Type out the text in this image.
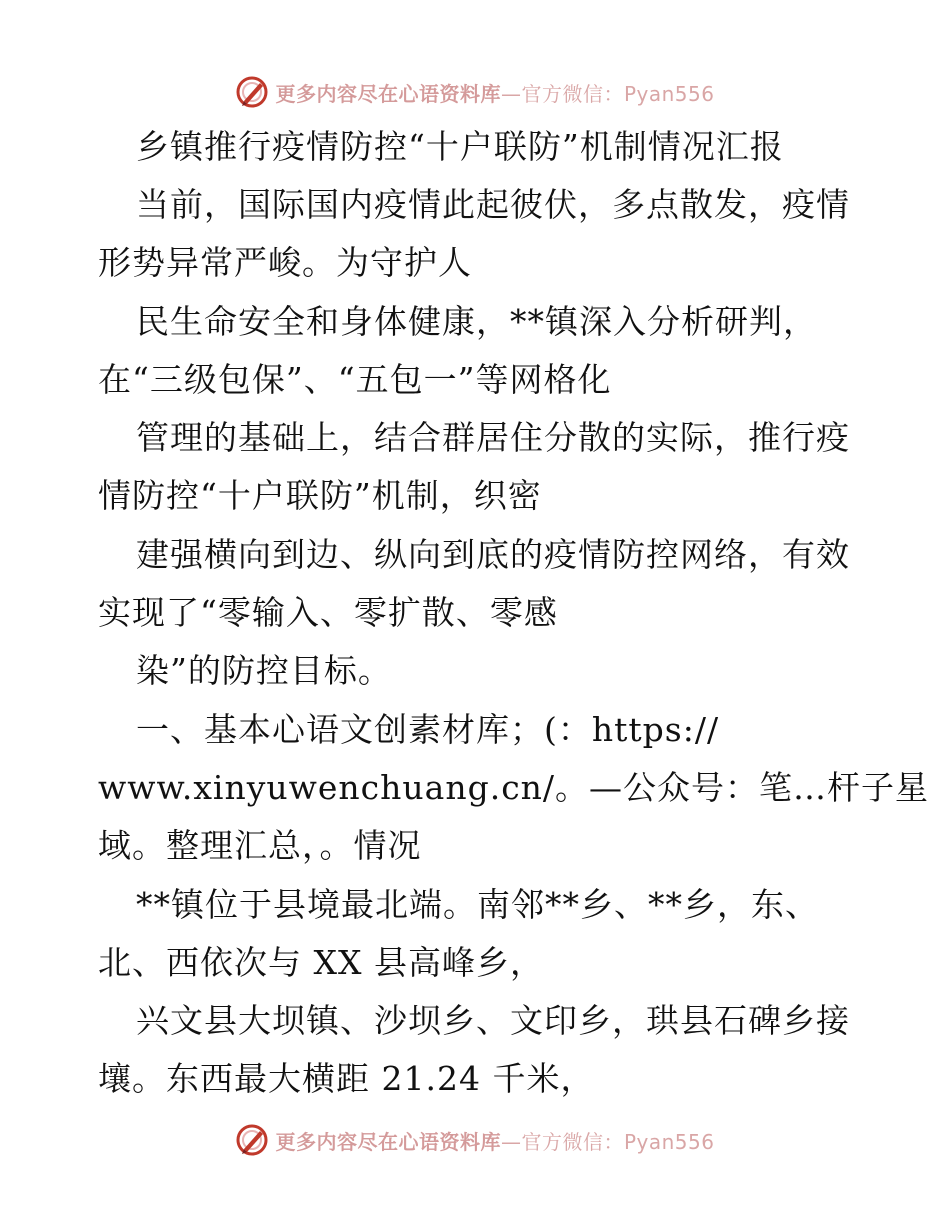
更多内容尽在心语资料库—官方微信：Pyan556
乡镇推行疫情防控“十户联防”机制情况汇报
当前，国际国内疫情此起彼伏，多点散发，疫情
形势异常严峻。为守护人
民生命安全和身体健康，**镇深入分析研判，
在“三级包保”、“五包一”等网格化
管理的基础上，结合群居住分散的实际，推行疫
情防控“十户联防”机制，织密
建强横向到边、纵向到底的疫情防控网络，有效
实现了“零输入、零扩散、零感
染”的防控目标。
一、基本心语文创素材库；(：https://
www.xinyuwenchuang.cn/。—公众号：笔…杆子星
域。整理汇总，。情况
**镇位于县境最北端。南邻**乡、**乡，东、
北、西依次与 XX 县高峰乡，
兴文县大坝镇、沙坝乡、文印乡，珙县石碑乡接
壤。东西最大横距 21.24 千米，
更多内容尽在心语资料库—官方微信：Pyan556
